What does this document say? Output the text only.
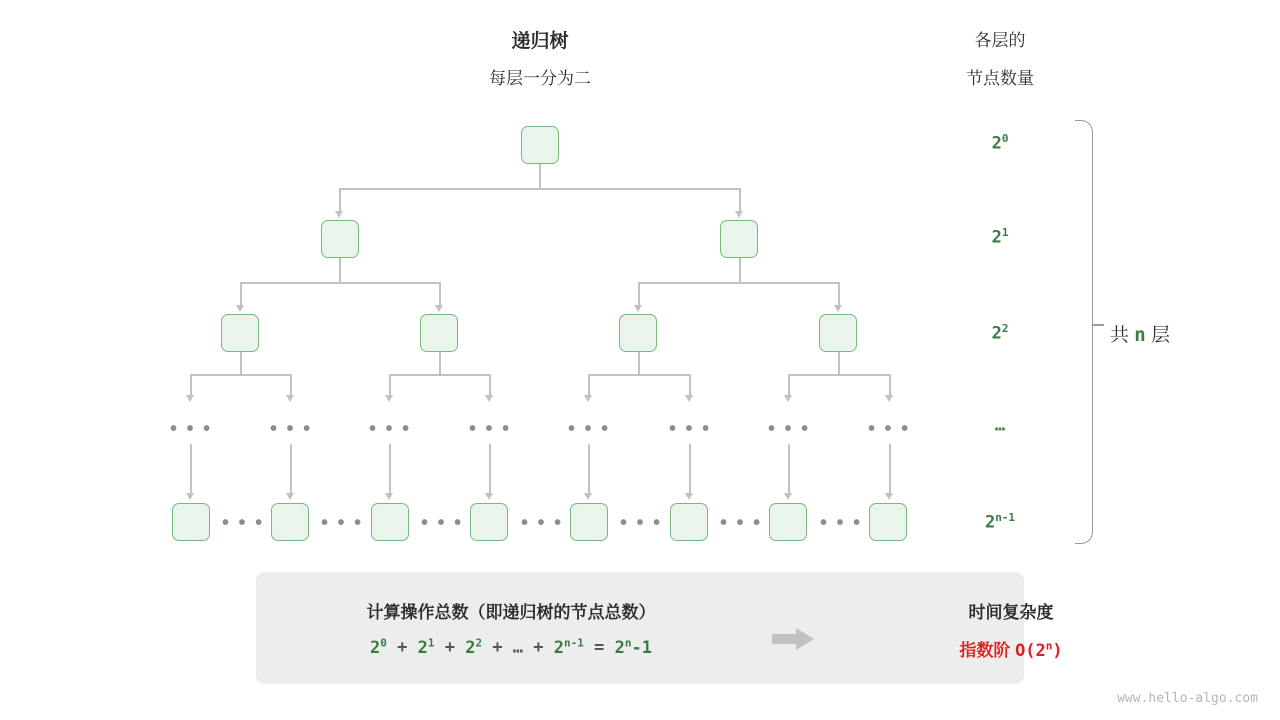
递归树
每层一分为二
各层的
节点数量
• • •	• • •	• • •	• • •	• • •	• • •	• • •	• • •
• • •	• • •	• • •	• • •	• • •	• • •	• • •
$2^0$
$2^1$
$2^2$
…
2$^{n-1}$
共 n 层
计算操作总数（即递归树的节点总数）
$2^0 + 2^1 + 2^2$ + … + $2^{n-1} = 2^n-1$
时间复杂度
指数阶 O(2$^n$)
www.hello-algo.com
